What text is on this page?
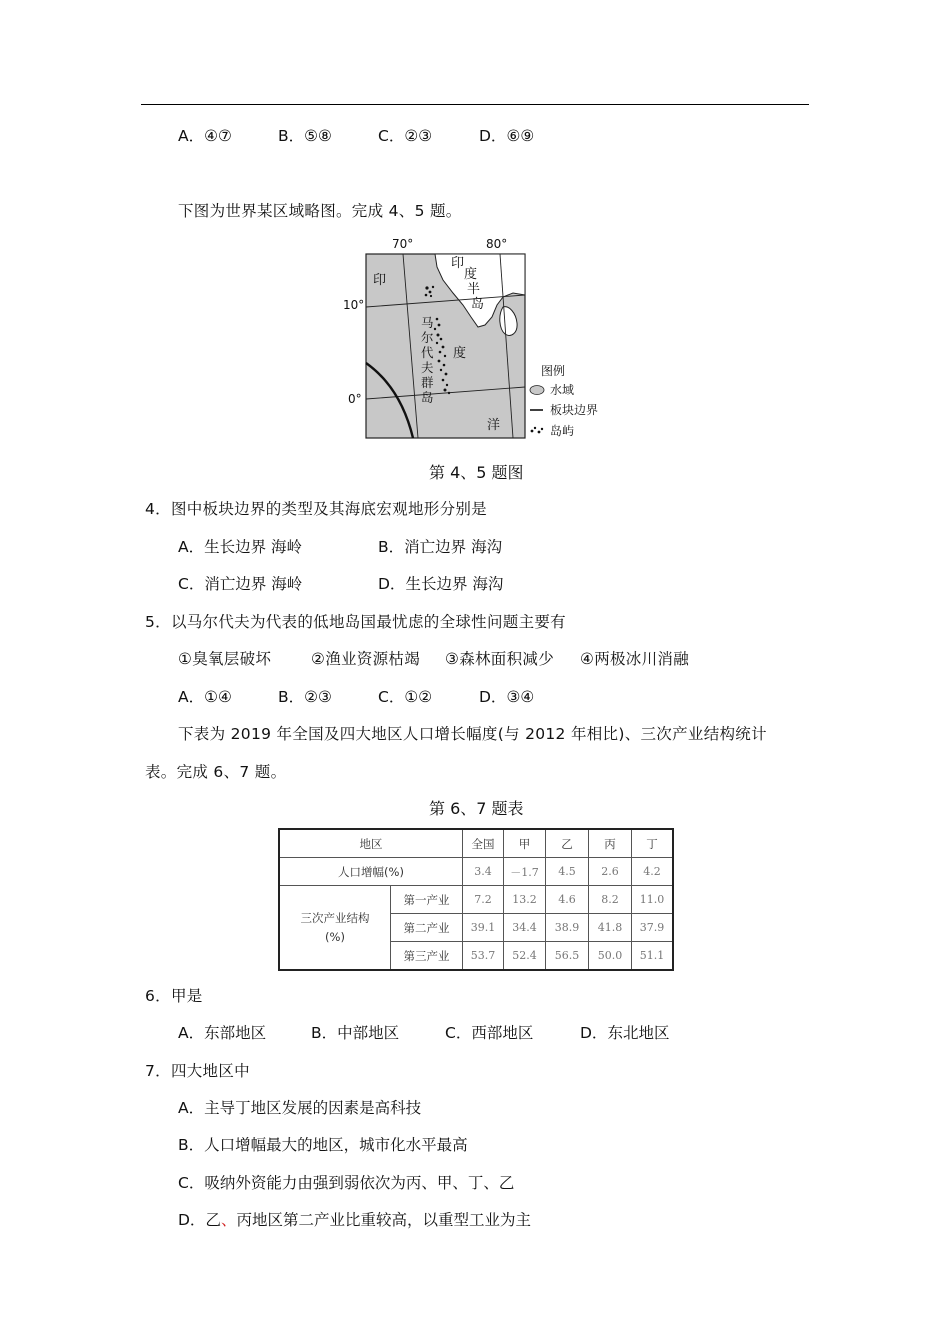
A．④⑦	B．⑤⑧	C．②③	D．⑥⑨
下图为世界某区域略图。完成 4、5 题。
70°	80°
10°
0°
印
度
半
岛
印
度
洋
马
尔
代
夫
群
岛
图例
水域
板块边界
岛屿
第 4、5 题图
4．图中板块边界的类型及其海底宏观地形分别是
A．生长边界 海岭	B．消亡边界 海沟
C．消亡边界 海岭	D．生长边界 海沟
5．以马尔代夫为代表的低地岛国最忧虑的全球性问题主要有
①臭氧层破坏	②渔业资源枯竭 ③森林面积减少 ④两极冰川消融
A．①④	B．②③	C．①②	D．③④
下表为 2019 年全国及四大地区人口增长幅度(与 2012 年相比)、三次产业结构统计
表。完成 6、7 题。
第 6、7 题表
地区		全国	甲	乙	丙	丁
人口增幅(%)		3.4	－1.7	4.5	2.6	4.2

三次产业结构
(%)	第一产业	7.2	13.2	4.6	8.2	11.0
	第二产业	39.1	34.4	38.9	41.8	37.9
	第三产业	53.7	52.4	56.5	50.0	51.1
6．甲是
A．东部地区	B．中部地区	C．西部地区	D．东北地区
7．四大地区中
A．主导丁地区发展的因素是高科技
B．人口增幅最大的地区，城市化水平最高
C．吸纳外资能力由强到弱依次为丙、甲、丁、乙
D．乙、丙地区第二产业比重较高，以重型工业为主
